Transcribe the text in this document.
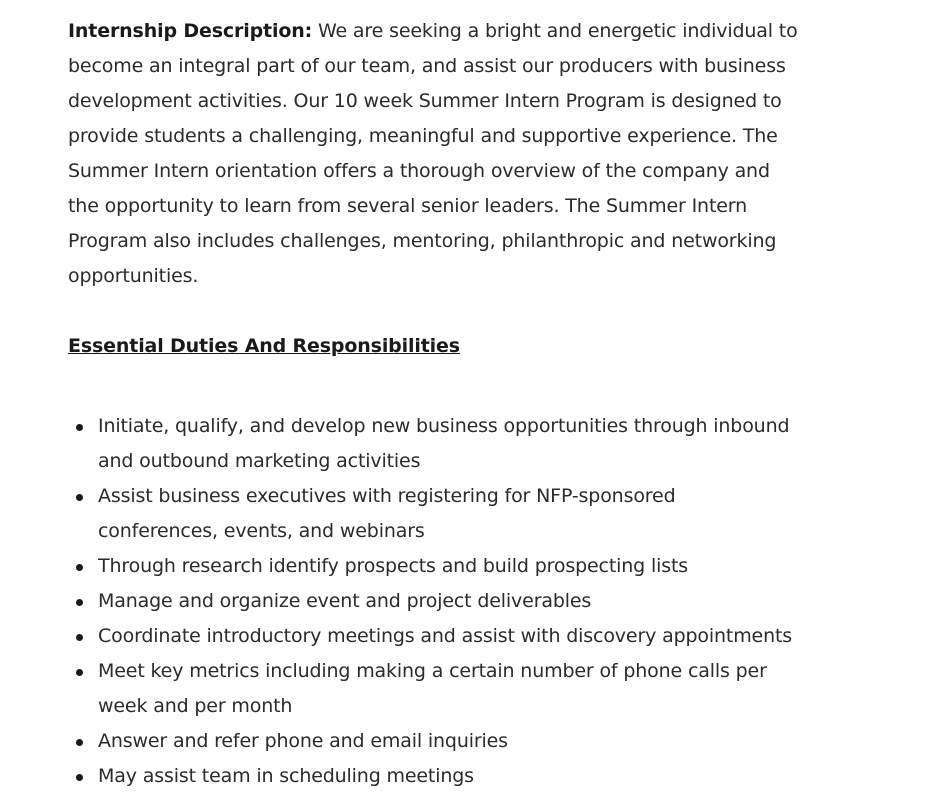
Internship Description: We are seeking a bright and energetic individual to become an integral part of our team, and assist our producers with business development activities. Our 10 week Summer Intern Program is designed to provide students a challenging, meaningful and supportive experience. The Summer Intern orientation offers a thorough overview of the company and the opportunity to learn from several senior leaders. The Summer Intern Program also includes challenges, mentoring, philanthropic and networking opportunities.

Essential Duties And Responsibilities
Initiate, qualify, and develop new business opportunities through inbound and outbound marketing activities
Assist business executives with registering for NFP-sponsored conferences, events, and webinars
Through research identify prospects and build prospecting lists
Manage and organize event and project deliverables
Coordinate introductory meetings and assist with discovery appointments
Meet key metrics including making a certain number of phone calls per week and per month
Answer and refer phone and email inquiries
May assist team in scheduling meetings
